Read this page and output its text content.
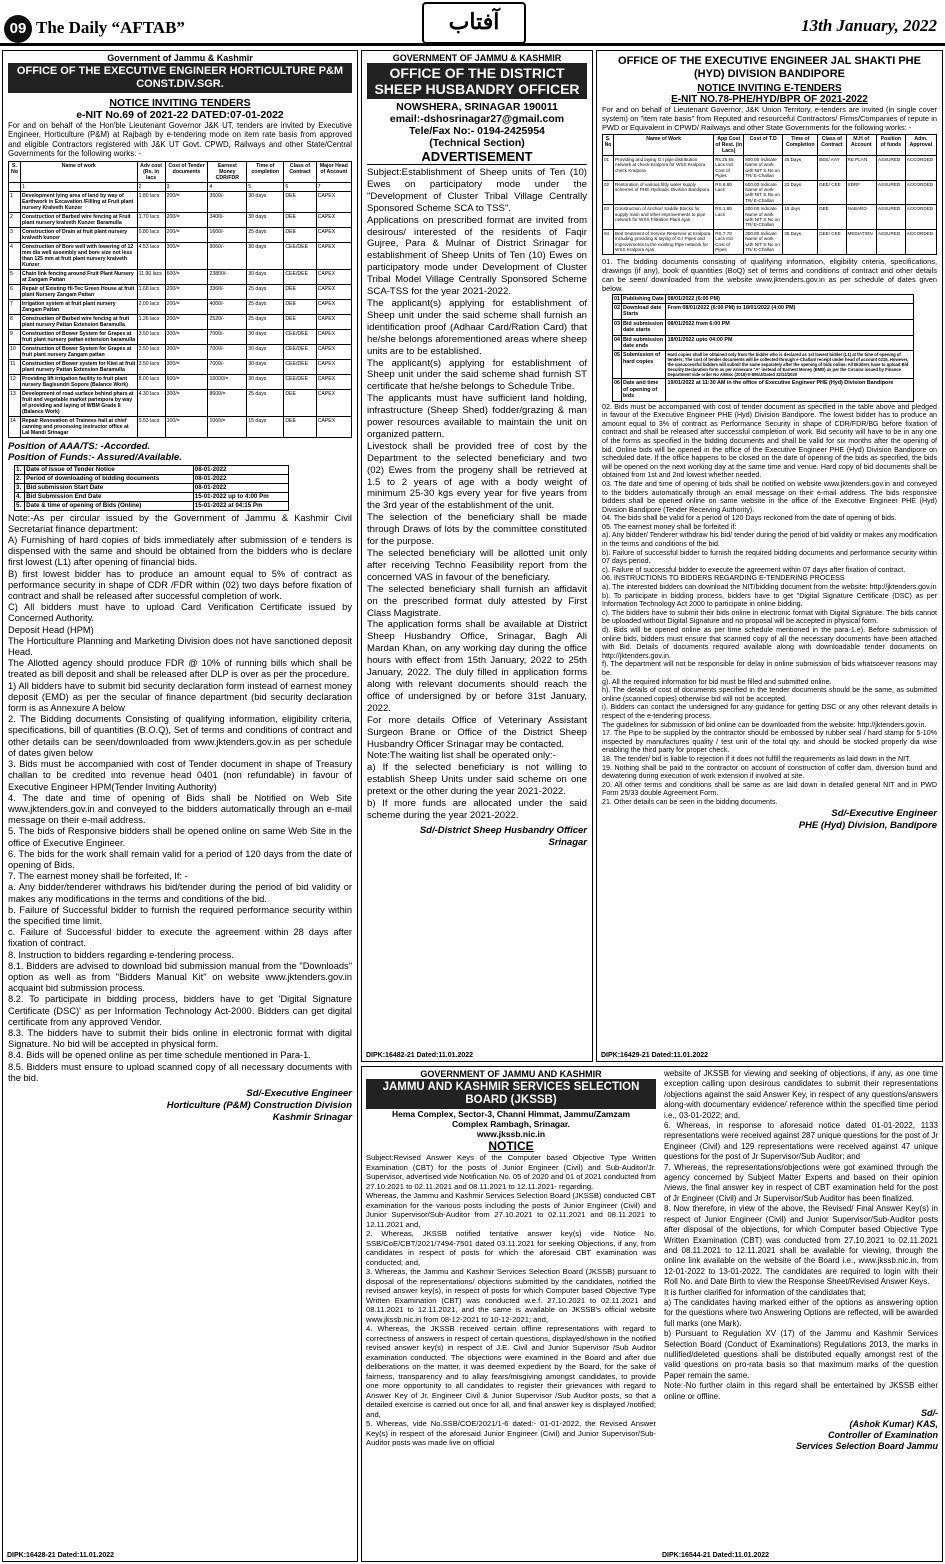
09 The Daily “AFTAB”	آفتاب	13th January, 2022
Government of Jammu & Kashmir
OFFICE OF THE EXECUTIVE ENGINEER HORTICULTURE P&M CONST.DIV.SGR.
NOTICE INVITING TENDERS
e-NIT No.69 of 2021-22 DATED:07-01-2022
For and on behalf of the Hon'ble Lieutenant Governor J&K UT, tenders are invited by Executive Engineer, Horticulture (P&M) at Rajbagh by e-tendering mode on item rate basis from approved and eligible Contractors registered with J&K UT Govt. CPWD, Railways and other State/Central Governments for the following works: -
S. No	Name of work	Adv cost (Rs. in lacs	Cost of Tender documents	Earnest Money CDR/FDR	Time of completion	Class of Contract	Major Head of Account
	1	2	3	4	5	6	7
1	Development lying area of land by way of Earthwork in Excavation /Filling at Fruit plant nursery Kralveth Kunzer	1.80 lacs	200/=	3600/-	30 days	DEE	CAPEX
2	Construction of Barbed wire fencing at Fruit plant nursery kralveth Kunzer Baramulla	1.70 lacs	200/=	3400/-	30 days	DEE	CAPEX
3	Construction of Drain at fruit plant nursery kralveth kunzer	0.80 lacs	200/=	1600/-	25 days	DEE	CAPEX
4	Construction of Bore well with lowering of 12 mm dia well assembly and bore size not less than 125 mm at fruit plant nursery kralveth Kunzer	4.53 lacs	300/=	9060/-	30 days	CEE/DEE	CAPEX
5	Chain link fencing around Fruit Plant Nursery at Zangam Pattan	11.90 lacs	600/=	23800/-	30 days	CEE/DEE	CAPEX
6	Repair of Existing Hi-Tec Green House at fruit plant Nursery Zangam Pattan	1.68 lacs	200/=	3360/-	25 days	DEE	CAPEX
7	Irrigation system at fruit plant nursery Zangam Pattan	2.00 lacs	200/=	4000/-	25 days	DEE	CAPEX
8	Construction of Barbed wire fencing at fruit plant nursery Pattan Extension Baramulla	1.26 lacs	200/=	2520/-	25 days	DEE	CAPEX
9	Construction of Bower System for Grapes at fruit plant nursery pattan extension baramulla	3.50 lacs	300/=	7000/-	30 days	CEE/DEE	CAPEX
10	Construction of Bower System for Grapes at fruit plant nursery Zangam pattan	3.50 lacs	300/=	7000/-	30 days	CEE/DEE	CAPEX
11	Construction of Bower system for Kiwi at fruit plant nursery Pattan Extension Baramulla	3.50 lacs	300/=	7000/-	30 days	CEE/DEE	CAPEX
12	Providing lift irrigation facility to fruit plant nursery Bagisundri Sopore (Balance Work)	8.00 lacs	600/=	16000/=	30 days	CEE/DEE	CAPEX
13	Development of road surface behind phars at fruit and vegetable market parimpora by way of providing and laying of WBM Grade II (Balance Work)	4.30 lacs	300/=	8600/=	25 days	DEE	CAPEX
14	Repair Renovation of Trainees hall at chief canning and processing instructor office at Lal Mandi Srinagar	0.53 lacs	100/=	1060/=	15 days	DEE	CAPEX
Position of AAA/TS: -Accorded.
Position of Funds:- Assured/Available.
1.	Date of Issue of Tender Notice	08-01-2022
2.	Period of downloading of bidding documents	08-01-2022
3.	Bid submission Start Date	08-01-2022
4.	Bid Submission End Date	15-01-2022 up to 4:00 Pm
5.	Date & time of opening of Bids (Online)	15-01-2022 at 04:15 Pm
Note:-As per circular issued by the Government of Jammu & Kashmir Civil Secretariat finance department:
A) Furnishing of hard copies of bids immediately after submission of e tenders is dispensed with the same and should be obtained from the bidders who is declare first lowest (L1) after opening of financial bids.
B) first lowest bidder has to produce an amount equal to 5% of contract as performance security in shape of CDR /FDR within (02) two days before fixation of contract and shall be released after successful completion of work.
C) All bidders must have to upload Card Verification Certificate issued by Concerned Authority.
Deposit Head (HPM)
The Horticulture Planning and Marketing Division does not have sanctioned deposit Head.
The Allotted agency should produce FDR @ 10% of running bills which shall be treated as bill deposit and shall be released after DLP is over as per the procedure.
1) All bidders have to submit bid security declaration form instead of earnest money deposit (EMD) as per the secular of finance department (bid security declaration form is as Annexure A below
2. The Bidding documents Consisting of qualifying information, eligibility criteria, specifications, bill of quantities (B.O.Q), Set of terms and conditions of contract and other details can be seen/downloaded from www.jktenders.gov.in as per schedule of dates given below
3. Bids must be accompanied with cost of Tender document in shape of Treasury challan to be credited into revenue head 0401 (non refundable) in favour of Executive Engineer HPM(Tender Inviting Authority)
4. The date and time of opening of Bids shall be Notified on Web Site www.jktenders.gov.in and conveyed to the bidders automatically through an e-mail message on their e-mail address.
5. The bids of Responsive bidders shall be opened online on same Web Site in the office of Executive Engineer.
6. The bids for the work shall remain valid for a period of 120 days from the date of opening of Bids.
7. The earnest money shall be forfeited, If: -
a. Any bidder/tenderer withdraws his bid/tender during the period of bid validity or makes any modifications in the terms and conditions of the bid.
b. Failure of Successful bidder to furnish the required performance security within the specified time limit.
c. Failure of Successful bidder to execute the agreement within 28 days after fixation of contract.
8. Instruction to bidders regarding e-tendering process.
8.1. Bidders are advised to download bid submission manual from the "Downloads" option as well as from "Bidders Manual Kit" on website www.jktenders.gov.in acquaint bid submission process.
8.2. To participate in bidding process, bidders have to get 'Digital Signature Certificate (DSC)' as per Information Technology Act-2000. Bidders can get digital certificate from any approved Vendor.
8.3. The bidders have to submit their bids online in electronic format with digital Signature. No bid will be accepted in physical form.
8.4. Bids will be opened online as per time schedule mentioned in Para-1.
8.5. Bidders must ensure to upload scanned copy of all necessary documents with the bid.
Sd/-Executive Engineer
Horticulture (P&M) Construction Division
Kashmir Srinagar
DIPK:16428-21 Dated:11.01.2022
GOVERNMENT OF JAMMU & KASHMIR
OFFICE OF THE DISTRICT SHEEP HUSBANDRY OFFICER
NOWSHERA, SRINAGAR 190011
email:-dshosrinagar27@gmail.com
Tele/Fax No:- 0194-2425954
(Technical Section)
ADVERTISEMENT
Subject:Establishment of Sheep units of Ten (10) Ewes on participatory mode under the "Development of Cluster Tribal Village Centrally Sponsored Scheme SCA to TSS".
Applications on prescribed format are invited from desirous/ interested of the residents of Faqir Gujree, Para & Mulnar of District Srinagar for establishment of Sheep Units of Ten (10) Ewes on participatory mode under Development of Cluster Tribal Model Village Centrally Sponsored Scheme SCA-TSS for the year 2021-2022.
The applicant(s) applying for establishment of Sheep unit under the said scheme shall furnish an identification proof (Adhaar Card/Ration Card) that he/she belongs aforementioned areas where sheep units are to be established.
The applicant(s) applying for establishment of Sheep unit under the said scheme shad furnish ST certificate that he/she belongs to Schedule Tribe.
The applicants must have sufficient land holding, infrastructure (Sheep Shed) fodder/grazing & man power resources available to maintain the unit on organized pattern.
Livestock shall be provided free of cost by the Department to the selected beneficiary and two (02) Ewes from the progeny shall be retrieved at 1.5 to 2 years of age with a body weight of minimum 25-30 kgs every year for five years from the 3rd year of the establishment of the unit.
The selection of the beneficiary shall be made through Draws of lots by the committee constituted for the purpose.
The selected beneficiary will be allotted unit only after receiving Techno Feasibility report from the concerned VAS in favour of the beneficiary.
The selected beneficiary shall furnish an affidavit on the prescribed format duly attested by First Class Magistrate.
The application forms shall be available at District Sheep Husbandry Office, Srinagar, Bagh Ali Mardan Khan, on any working day during the office hours with effect from 15th January, 2022 to 25th January, 2022. The duly filled in application forms along with relevant documents should reach the office of undersigned by or before 31st January, 2022.
For more details Office of Veterinary Assistant Surgeon Brane or Office of the District Sheep Husbandry Officer Srinagar may be contacted.
Note:The waiting list shall be operated only:-
a) If the selected beneficiary is not willing to establish Sheep Units under said scheme on one pretext or the other during the year 2021-2022.
b) If more funds are allocated under the said scheme during the year 2021-2022.
Sd/-District Sheep Husbandry Officer
Srinagar
DIPK:16482-21 Dated:11.01.2022
OFFICE OF THE EXECUTIVE ENGINEER JAL SHAKTI PHE (HYD) DIVISION BANDIPORE
NOTICE INVITING E-TENDERS
E-NIT NO.78-PHE/HYD/BPR OF 2021-2022
For and on behalf of Lieutenant Governor, J&K Union Territory, e-tenders are invited (in single cover system) on "item rate basis" from Reputed and resourceful Contractors/ Firms/Companies of repute in PWD or Equivalent in CPWD/ Railways and other State Governments for the following works: -
S. No	Name of Work	App Cost of Rest. (in Lacs)	Cost of T.D	Time of Completion	Class of Contract	M.H of Account	Position of funds	Adm. Approval
01	Providing and laying G.I pipe distribution network at check Kralpora for WSS Kralpora check Kralpora	Rs.25.65 Lacs Incl Cost of Pipes	800.00 Indicate Name of work with NIT S.No on TR/ E-Challan	45 Days	BEE/ AAY	RE PLAN	ASSURED	ACCORDED
02	Restoration of various filtly water supply schemes of PHE Hydraulic Division Bandipora	RS 8.80 Lacs	600.00 Indicate Name of work with NIT S.No on TR/ E-Challan	23 Days	DEE/ CEE	SDRF	ASSURED	ACCORDED
03	Construction of Anchor/ Saddle Blocks for supply main and other improvements to pipe network for WSS Filtration Plant Ajas	RS 1.80 Lacs	200.00 Indicate Name of work with NIT S.No on TR/ E-Challan	15 days	DEE	NABARD	ASSURED	ACCORDED
04	Bed treatment of Service Reservoir at Kralpora including providing & laying of G.I Pipes and improvements to the existing Pipe network for WSS Kralpora Ajas.	RS 7.73 Lacs Incl Cost of Pipes	300.00 Indicate Name of work with NIT S.No on TR/ E-Challan	35 Days	DEE/ CEE	MEDIATION	ASSURED	ACCORDED
01. The bidding documents consisting of qualifying information, eligibility criteria, specifications, drawings (if any), book of quantities (BoQ) set of terms and conditions of contract and other details can be seen/ downloaded from the website www.jktenders.gov.in as per schedule of dates given below.
01	Publishing Date	08/01/2022 (6:00 PM)
02	Download date Starts	From 08/01/2022 (6:00 PM) to 18/01/2022 (4:00 PM)
03	Bid submission date starts	08/01/2022 from 6:00 PM
04	Bid submission date ends	18/01/2022 upto 04:00 PM
05	Submission of hard copies	Hard copies shall be obtained only from the bidder who is declared as 1st lowest bidder (L1) at the time of opening of tenders. The cost of tender documents will be collected through e-Challan/ receipt under head of account 0215. However, the unsuccessful bidders will submit the same separately after the opening of bids online. All Bidders have to upload Bid Security Declaration form as per Annexure "A" instead of Earnest Money (EMD) as per the Circular issued by Finance Department vide order No A/Misc (2018)-II-895/J/Dated 22/12/2020
06	Date and time of opening of bids	19/01/2022 at 11:30 AM in the office of Executive Engineer PHE (Hyd) Division Bandipore
02. Bids must be accompanied with cost of tender document as specified in the table above and pledged in favour of the Executive Engineer PHE (Hyd) Division Bandipore. The lowest bidder has to produce an amount equal to 3% of contract as Performance Security in shape of CDR/FDR/BG before fixation of contract and shall be released after successful completion of work. Bid security will have to be in any one of the forms as specified in the bidding documents and shall be valid for six months after the opening of bid. Online bids will be opened in the office of the Executive Engineer PHE (Hyd) Division Bandipore on scheduled date. If the office happens to be closed on the date of opening of the bids as specified, the bids will be opened on the next working day at the same time and venue. Hard copy of bid documents shall be obtained from 1st and 2nd lowest whether needed.
03. The date and time of opening of bids shall be notified on website www.jktenders.gov.in and conveyed to the bidders automatically through an email message on their e-mail address. The bids responsive bidders shall be opened online on same website in the office of the Executive Engineer PHE (Hyd) Division Bandipore (Tender Receiving Authority).
04. The bids shall be valid for a period of 120 Days reckoned from the date of opening of bids.
05. The earnest money shall be forfeited if:
a). Any bidder/ Tenderer withdraw his bid/ tender during the period of bid validity or makes any modification in the terms and conditions of the bid.
b). Failure of successful bidder to furnish the required bidding documents and performance security within 07 days period.
c). Failure of successful bidder to execute the agreement within 07 days after fixation of contract.
06. INSTRUCTIONS TO BIDDERS REGARDING E-TENDERING PROCESS
a). The interested bidders can download the NIT/bidding document from the website: http://jktenders.gov.in
b). To participate in bidding process, bidders have to get "Digital Signature Certificate (DSC) as per Information Technology Act 2000 to participate in online bidding.
c). The bidders have to submit their bids online in electronic format with Digital Signature. The bids cannot be uploaded without Digital Signature and no proposal will be accepted in physical form.
d). Bids will be opened online as per time schedule mentioned in the para-1.e). Before submission of online bids, bidders must ensure that scanned copy of all the necessary documents have been attached with Bid. Details of documents required available along with downloadable tender documents on http://jktenders.gov.in.
f). The department will not be responsible for delay in online submission of bids whatsoever reasons may be.
g). All the required information for bid must be filled and submitted online.
h). The details of cost of documents specified in the tender documents should be the same, as submitted online (scanned copies) otherwise bid will not be accepted.
i). Bidders can contact the undersigned for any guidance for getting DSC or any other relevant details in respect of the e-tendering process.
The guidelines for submission of bid online can be downloaded from the website: http://jktenders.gov.in.
17. The Pipe to be supplied by the contractor should be embossed by rubber seal / hard stamp for 5-10% inspected by manufactures quality / test unit of the total qty. and should be stocked properly dia wise enabling the third party for proper check.
18. The tender/ bid is liable to rejection if it does not fulfill the requirements as laid down in the NIT.
19. Nothing shall be paid to the contractor on account of construction of coffer dam, diversion bund and dewatering during execution of work extension if involved at site.
20. All other terms and conditions shall be same as are laid down in detailed general NIT and in PWD Form 25/33 double Agreement Form.
21. Other details can be seen in the bidding documents.
Sd/-Executive Engineer
PHE (Hyd) Division, Bandipore
DIPK:16429-21 Dated:11.01.2022
GOVERNMENT OF JAMMU AND KASHMIR
JAMMU AND KASHMIR SERVICES SELECTION BOARD (JKSSB)
Hema Complex, Sector-3, Channi Himmat, Jammu/Zamzam Complex Rambagh, Srinagar.
www.jkssb.nic.in
NOTICE
Subject:Revised Answer Keys of the Computer based Objective Type Written Examination (CBT) for the posts of Junior Engineer (Civil) and Sub-Auditor/Jr. Supervisor, advertised vide Notification No. 05 of 2020 and 01 of 2021 conducted from 27.10.2021 to 02.11.2021 and 08.11.2021 to 12.11.2021- regarding.
Whereas, the Jammu and Kashmir Services Selection Board (JKSSB) conducted CBT examination for the various posts including the posts of Junior Engineer (Civil) and Junior Supervisor/Sub-Auditor from 27.10.2021 to 02.11.2021 and 08.11.2021 to 12.11.2021 and,
2. Whereas, JKSSB notified tentative answer key(s) vide Notice No. SSB/CoE/CBT/2021/7494-7501 dated 03.11.2021 for seeking Objections, if any, from candidates in respect of posts for which the aforesaid CBT examination was conducted; and,
3. Whereas, the Jammu and Kashmir Services Selection Board (JKSSB) pursuant to disposal of the representations/ objections submitted by the candidates, notified the revised answer key(s), in respect of posts for which Computer based Objective Type Written Examination (CBT) was conducted w.e.f. 27.10.2021 to 02.11.2021 and 08.11.2021 to 12.11.2021, and the same is available on JKSSB's official website www.jkssb.nic.in from 08-12-2021 to 10-12-2021; and,
4. Whereas, the JKSSB received certain offline representations with regard to correctness of answers in respect of certain questions, displayed/shown in the notified revised answer key(s) in respect of J.E. Civil and Junior Supervisor /Sub Auditor examination conducted. The objections were examined in the Board and after due deliberations on the matter, it was deemed expedient by the Board, for the sake of fairness, transparency and to allay fears/misgiving amongst candidates, to provide one more opportunity to all candidates to register their grievances with regard to Answer Key of Jr. Engineer Civil & Junior Supervisor /Sub Auditor posts, so that a detailed exercise is carried out once for all, and final answer key is displayed /notified; and,
5. Whereas, vide No.SSB/COE/2021/1-6 dated:- 01-01-2022, the Revised Answer Key(s) in respect of the aforesaid Junior Engineer (Civil) and Junior Supervisor/Sub-Auditor posts was made live on official
website of JKSSB for viewing and seeking of objections, if any, as one time exception calling upon desirous candidates to submit their representations /objections against the said Answer Key, in respect of any questions/answers along-with documentary evidence/ reference within the specified time period i.e., 03-01-2022; and,
6. Whereas, in response to aforesaid notice dated 01-01-2022, 1133 representations were received against 287 unique questions for the post of Jr Engineer (Civil) and 129 representations were received against 47 unique questions for the post of Jr Supervisor/Sub Auditor; and
7. Whereas, the representations/objections were got examined through the agency concerned by Subject Matter Experts and based on their opinion /views, the final answer key in respect of CBT examination held for the post of Jr Engineer (Civil) and Jr Supervisor/Sub Auditor has been finalized.
8. Now therefore, in view of the above, the Revised/ Final Answer Key(s) in respect of Junior Engineer (Civil) and Junior Supervisor/Sub-Auditor posts after disposal of the objections, for which Computer based Objective Type Written Examination (CBT) was conducted from 27.10.2021 to 02.11.2021 and 08.11.2021 to 12.11.2021 shall be available for viewing, through the online link available on the website of the Board i.e., www.jkssb.nic.in, from 12-01-2022 to 13-01-2022. The candidates are required to login with their Roll No. and Date Birth to view the Response Sheet/Revised Answer Keys.
It is further clarified for information of the candidates that;
a) The candidates having marked either of the options as answering option for the questions where two Answering Options are reflected, will be awarded full marks (one Mark).
b) Pursuant to Regulation XV (17) of the Jammu and Kashmir Services Selection Board (Conduct of Examinations) Regulations 2013, the marks in nullified/deleted questions shall be distributed equally amongst rest of the valid questions on pro-rata basis so that maximum marks of the question Paper remain the same.
Note:-No further claim in this regard shall be entertained by JKSSB either online or offline.
Sd/-
(Ashok Kumar) KAS,
Controller of Examination
Services Selection Board Jammu
DIPK:16544-21 Dated:11.01.2022
